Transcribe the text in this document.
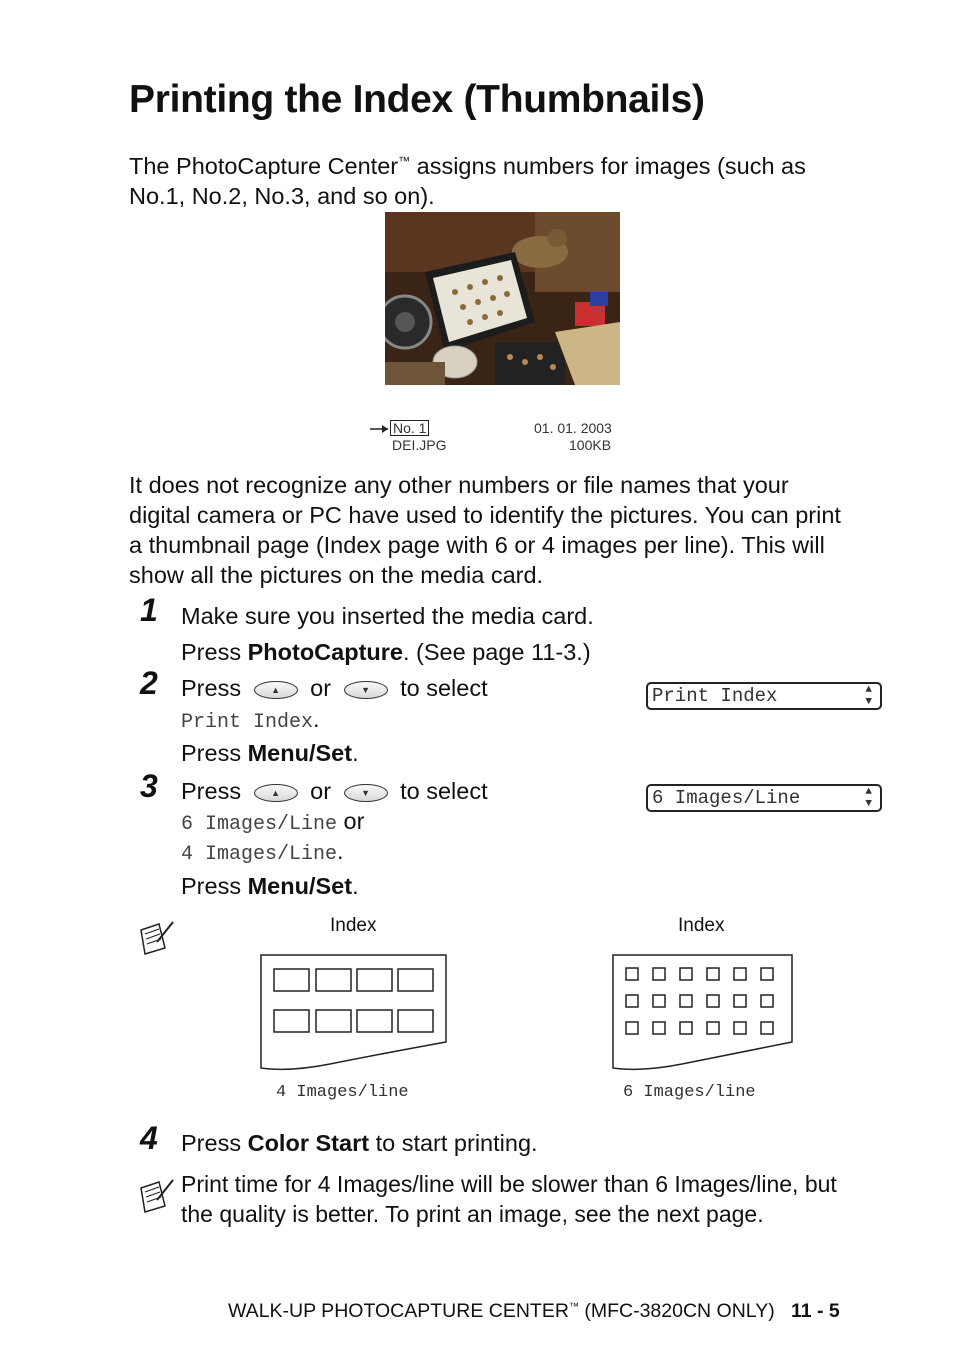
Printing the Index (Thumbnails)

The PhotoCapture Center™ assigns numbers for images (such as
No.1, No.2, No.3, and so on).

No. 1
DEI.JPG
01. 01. 2003
100KB

It does not recognize any other numbers or file names that your
digital camera or PC have used to identify the pictures. You can print
a thumbnail page (Index page with 6 or 4 images per line). This will
show all the pictures on the media card.

1 Make sure you inserted the media card.
Press PhotoCapture. (See page 11-3.)
2 Press	▲ or	▼ to select
Print Index.
Press Menu/Set.
Print Index	▲
▼
3 Press	▲ or	▼ to select
6 Images/Line or
4 Images/Line.
Press Menu/Set.
6 Images/Line	▲
▼
Index	Index
4 Images/line	6 Images/line
4 Press Color Start to start printing.

Print time for 4 Images/line will be slower than 6 Images/line, but
the quality is better. To print an image, see the next page.

WALK-UP PHOTOCAPTURE CENTER™ (MFC-3820CN ONLY) 11 - 5
